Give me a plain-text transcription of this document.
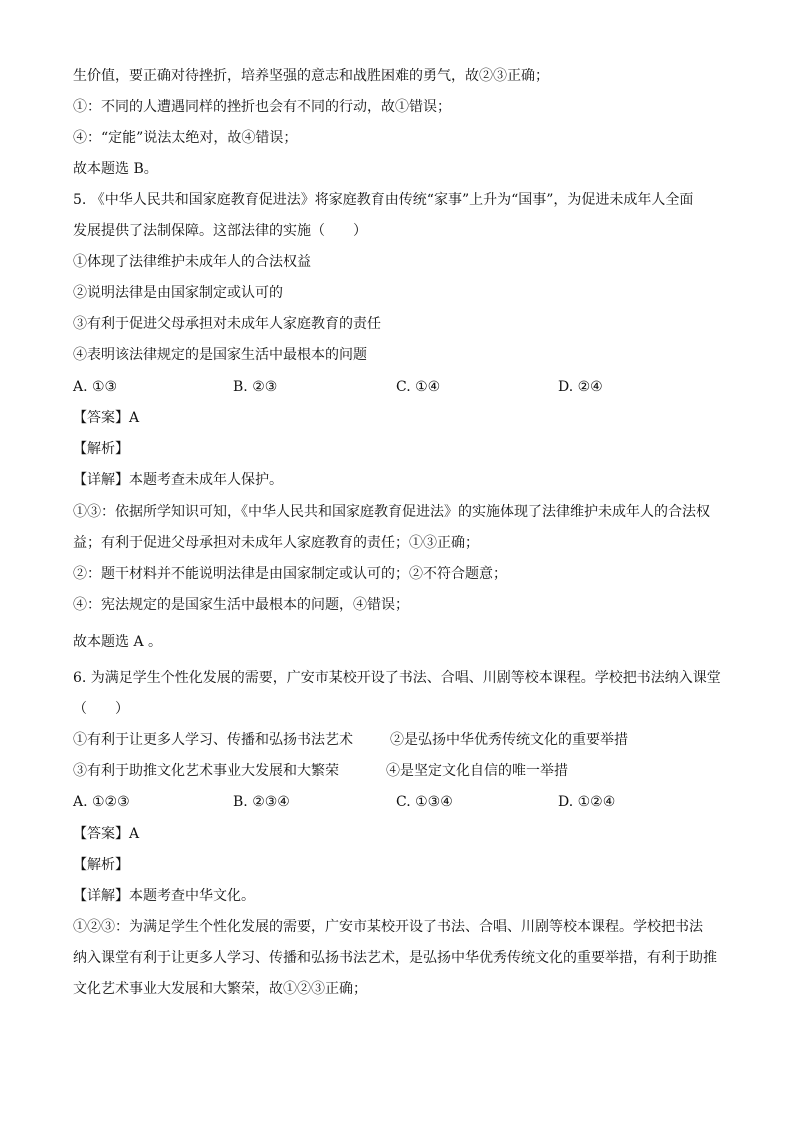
生价值，要正确对待挫折，培养坚强的意志和战胜困难的勇气，故②③正确；
①：不同的人遭遇同样的挫折也会有不同的行动，故①错误；
④：“定能”说法太绝对，故④错误；
故本题选 B。
5. 《中华人民共和国家庭教育促进法》将家庭教育由传统“家事”上升为“国事”，为促进未成年人全面
发展提供了法制保障。这部法律的实施（　　）
①体现了法律维护未成年人的合法权益
②说明法律是由国家制定或认可的
③有利于促进父母承担对未成年人家庭教育的责任
④表明该法律规定的是国家生活中最根本的问题
A. ①③	B. ②③	C. ①④	D. ②④
【答案】A
【解析】
【详解】本题考查未成年人保护。
①③：依据所学知识可知，《中华人民共和国家庭教育促进法》的实施体现了法律维护未成年人的合法权
益；有利于促进父母承担对未成年人家庭教育的责任；①③正确；
②：题干材料并不能说明法律是由国家制定或认可的；②不符合题意；
④：宪法规定的是国家生活中最根本的问题，④错误；
故本题选 A 。
6. 为满足学生个性化发展的需要，广安市某校开设了书法、合唱、川剧等校本课程。学校把书法纳入课堂
（　　）
①有利于让更多人学习、传播和弘扬书法艺术	②是弘扬中华优秀传统文化的重要举措
③有利于助推文化艺术事业大发展和大繁荣	④是坚定文化自信的唯一举措
A. ①②③	B. ②③④	C. ①③④	D. ①②④
【答案】A
【解析】
【详解】本题考查中华文化。
①②③：为满足学生个性化发展的需要，广安市某校开设了书法、合唱、川剧等校本课程。学校把书法
纳入课堂有利于让更多人学习、传播和弘扬书法艺术，是弘扬中华优秀传统文化的重要举措，有利于助推
文化艺术事业大发展和大繁荣，故①②③正确；
